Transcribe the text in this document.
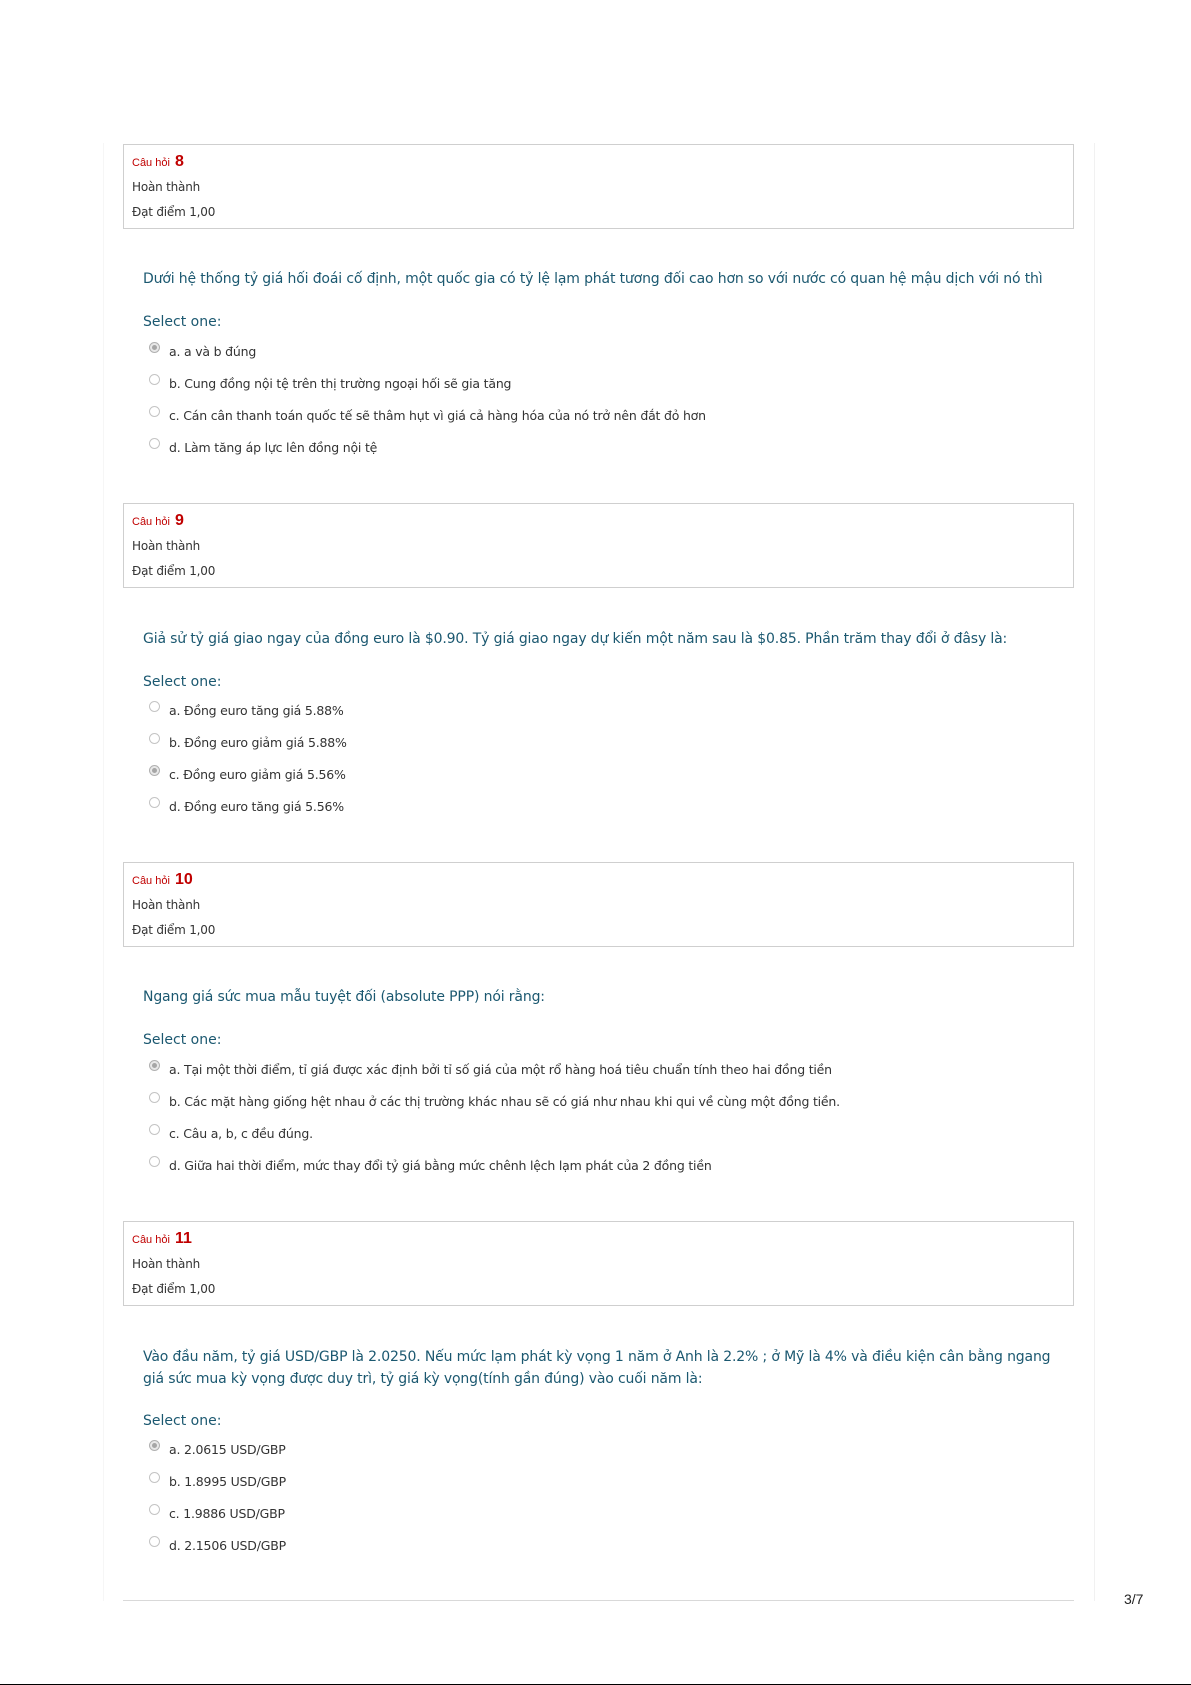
Câu hỏi 8
Hoàn thành
Đạt điểm 1,00
Dưới hệ thống tỷ giá hối đoái cố định, một quốc gia có tỷ lệ lạm phát tương đối cao hơn so với nước có quan hệ mậu dịch với nó thì
Select one:
a. a và b đúng
b. Cung đồng nội tệ trên thị trường ngoại hối sẽ gia tăng
c. Cán cân thanh toán quốc tế sẽ thâm hụt vì giá cả hàng hóa của nó trở nên đắt đỏ hơn
d. Làm tăng áp lực lên đồng nội tệ
Câu hỏi 9
Hoàn thành
Đạt điểm 1,00
Giả sử tỷ giá giao ngay của đồng euro là $0.90. Tỷ giá giao ngay dự kiến một năm sau là $0.85. Phần trăm thay đổi ở đâsy là:
Select one:
a. Đồng euro tăng giá 5.88%
b. Đồng euro giảm giá 5.88%
c. Đồng euro giảm giá 5.56%
d. Đồng euro tăng giá 5.56%
Câu hỏi 10
Hoàn thành
Đạt điểm 1,00
Ngang giá sức mua mẫu tuyệt đối (absolute PPP) nói rằng:
Select one:
a. Tại một thời điểm, tỉ giá được xác định bởi tỉ số giá của một rổ hàng hoá tiêu chuẩn tính theo hai đồng tiền
b. Các mặt hàng giống hệt nhau ở các thị trường khác nhau sẽ có giá như nhau khi qui về cùng một đồng tiền.
c. Câu a, b, c đều đúng.
d. Giữa hai thời điểm, mức thay đổi tỷ giá bằng mức chênh lệch lạm phát của 2 đồng tiền
Câu hỏi 11
Hoàn thành
Đạt điểm 1,00
Vào đầu năm, tỷ giá USD/GBP là 2.0250. Nếu mức lạm phát kỳ vọng 1 năm ở Anh là 2.2% ; ở Mỹ là 4% và điều kiện cân bằng ngang giá sức mua kỳ vọng được duy trì, tỷ giá kỳ vọng(tính gần đúng) vào cuối năm là:
Select one:
a. 2.0615 USD/GBP
b. 1.8995 USD/GBP
c. 1.9886 USD/GBP
d. 2.1506 USD/GBP
3/7
